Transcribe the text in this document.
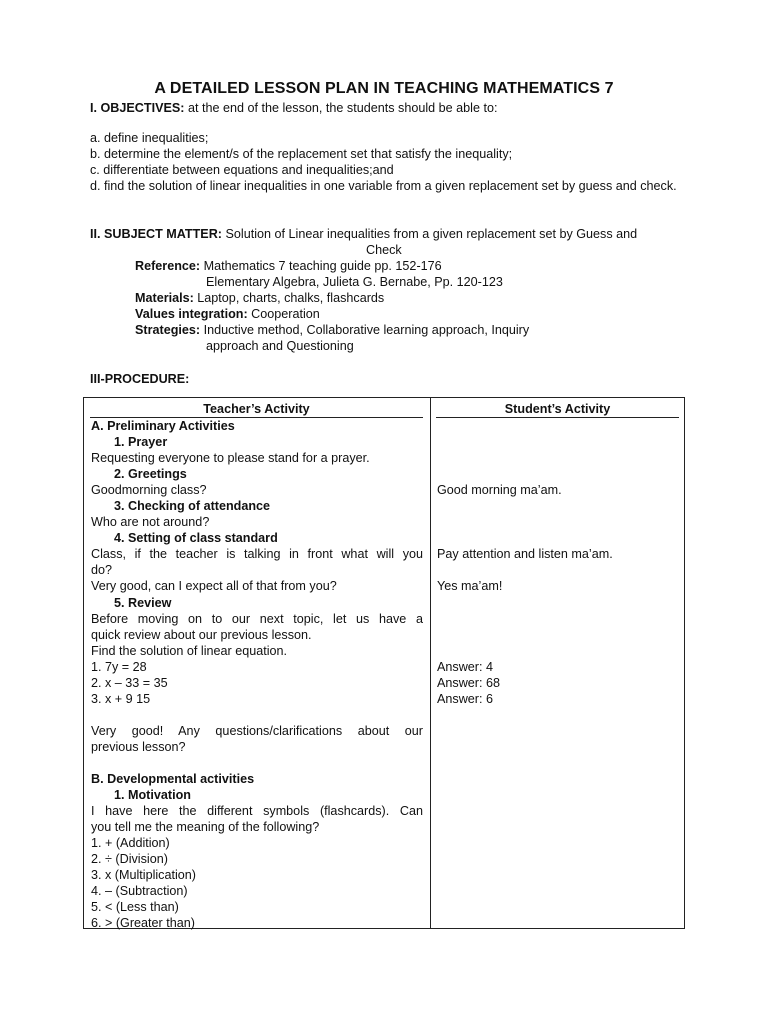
A DETAILED LESSON PLAN IN TEACHING MATHEMATICS 7
I. OBJECTIVES: at the end of the lesson, the students should be able to:
a. define inequalities;
b. determine the element/s of the replacement set that satisfy the inequality;
c. differentiate between equations and inequalities;and
d. find the solution of linear inequalities in one variable from a given replacement set by guess and check.
II. SUBJECT MATTER: Solution of Linear inequalities from a given replacement set by Guess and
Check
Reference: Mathematics 7 teaching guide pp. 152-176
Elementary Algebra, Julieta G. Bernabe, Pp. 120-123
Materials: Laptop, charts, chalks, flashcards
Values integration: Cooperation
Strategies: Inductive method, Collaborative learning approach, Inquiry
approach and Questioning
III-PROCEDURE:
Teacher’s Activity	Student’s Activity
A. Preliminary Activities
1. Prayer
Requesting everyone to please stand for a prayer.
2. Greetings
Goodmorning class?
3. Checking of attendance
Who are not around?
4. Setting of class standard
Class, if the teacher is talking in front what will you
do?
Very good, can I expect all of that from you?
5. Review
Before moving on to our next topic, let us have a
quick review about our previous lesson.
Find the solution of linear equation.
1. 7y = 28
2. x – 33 = 35
3. x + 9 15
Very good! Any questions/clarifications about our
previous lesson?
B. Developmental activities
1. Motivation
I have here the different symbols (flashcards). Can
you tell me the meaning of the following?
1. + (Addition)
2. ÷ (Division)
3. x (Multiplication)
4. – (Subtraction)
5. < (Less than)
6. > (Greater than)
Good morning ma’am.
Pay attention and listen ma’am.
Yes ma’am!
Answer: 4
Answer: 68
Answer: 6
